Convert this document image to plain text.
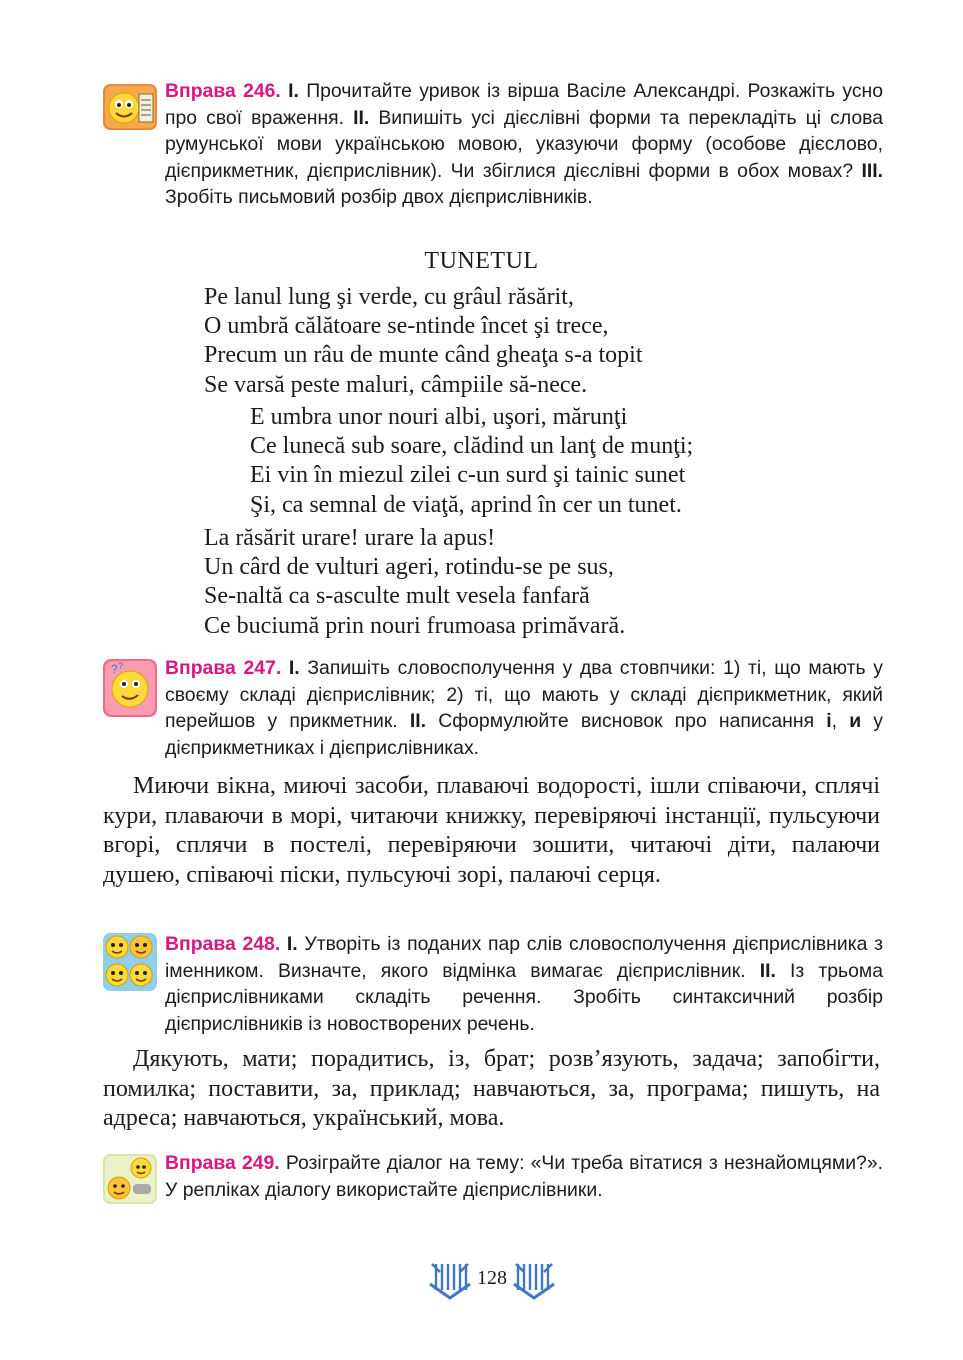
Вправа 246. I. Прочитайте уривок із вірша Васіле Александрі. Розкажіть усно про свої враження. II. Випишіть усі дієслівні форми та перекладіть ці слова румунської мови українською мовою, указуючи форму (особове дієслово, дієприкметник, дієприслівник). Чи збіглися дієслівні форми в обох мовах? III. Зробіть письмовий розбір двох дієприслівників.
TUNETUL
Pe lanul lung şi verde, cu grâul răsărit,
O umbră călătoare se-ntinde încet şi trece,
Precum un râu de munte când gheaţa s-a topit
Se varsă peste maluri, câmpiile să-nece.
E umbra unor nouri albi, uşori, mărunţi
Ce lunecă sub soare, clădind un lanţ de munţi;
Ei vin în miezul zilei c-un surd şi tainic sunet
Şi, ca semnal de viaţă, aprind în cer un tunet.
La răsărit urare! urare la apus!
Un cârd de vulturi ageri, rotindu-se pe sus,
Se-naltă ca s-asculte mult vesela fanfară
Ce buciumă prin nouri frumoasa primăvară.
? ? Вправа 247. I. Запишіть словосполучення у два стовпчики: 1) ті, що мають у своєму складі дієприслівник; 2) ті, що мають у складі дієприкметник, який перейшов у прикметник. II. Сформулюйте висновок про написання і, и у дієприкметниках і дієприслівниках.
Миючи вікна, миючі засоби, плаваючі водорості, ішли співаючи, сплячі кури, плаваючи в морі, читаючи книжку, перевіряючі інстанції, пульсуючи вгорі, сплячи в постелі, перевіряючи зошити, читаючі діти, палаючи душею, співаючі піски, пульсуючі зорі, палаючі серця.
Вправа 248. I. Утворіть із поданих пар слів словосполучення дієприслівника з іменником. Визначте, якого відмінка вимагає дієприслівник. II. Із трьома дієприслівниками складіть речення. Зробіть синтаксичний розбір дієприслівників із новостворених речень.
Дякують, мати; порадитись, із, брат; розв’язують, задача; запобігти, помилка; поставити, за, приклад; навчаються, за, програма; пишуть, на адреса; навчаються, український, мова.
Вправа 249. Розіграйте діалог на тему: «Чи треба вітатися з незнайомцями?». У репліках діалогу використайте дієприслівники.
128
